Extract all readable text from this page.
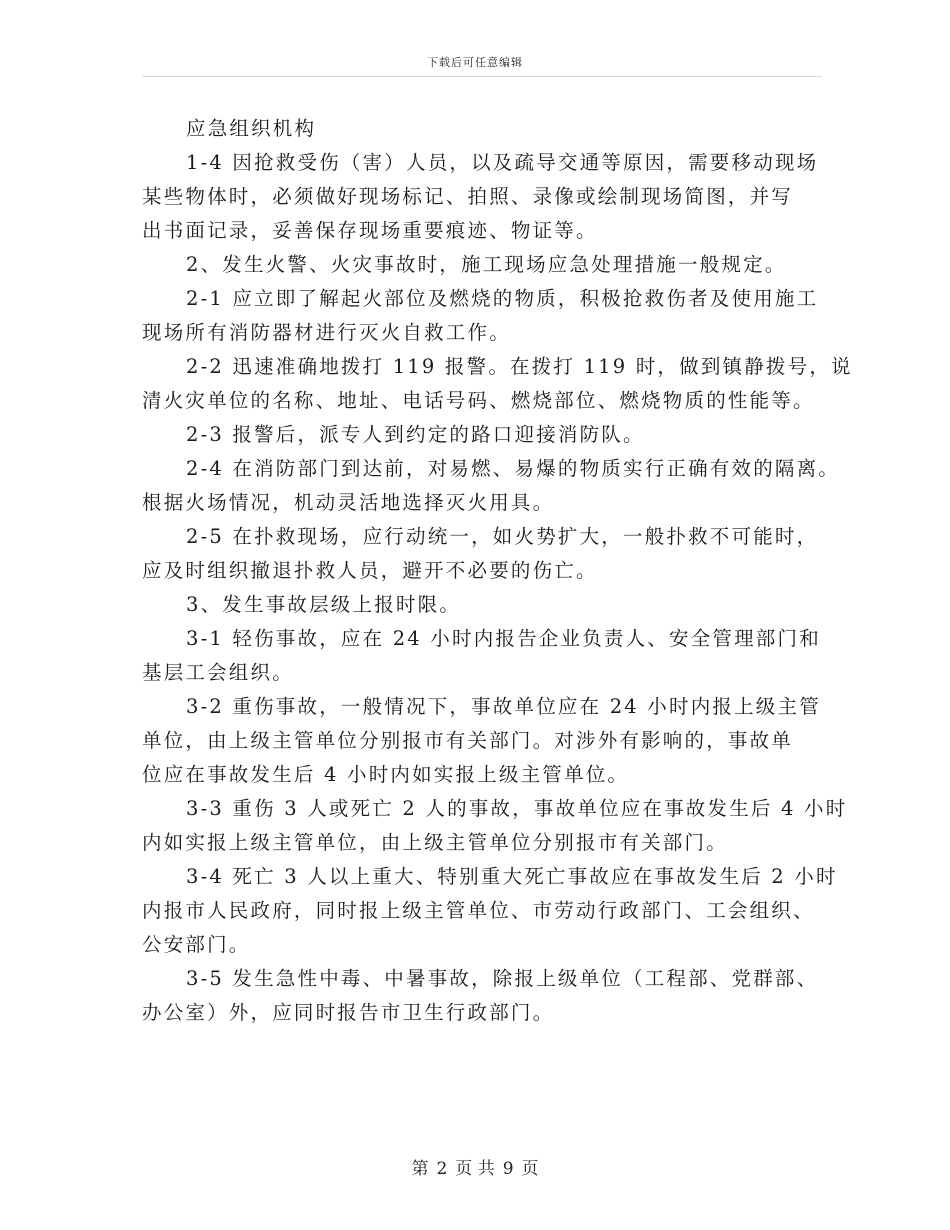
下载后可任意编辑
应急组织机构
1-4 因抢救受伤（害）人员，以及疏导交通等原因，需要移动现场
某些物体时，必须做好现场标记、拍照、录像或绘制现场简图，并写
出书面记录，妥善保存现场重要痕迹、物证等。
2、发生火警、火灾事故时，施工现场应急处理措施一般规定。
2-1 应立即了解起火部位及燃烧的物质，积极抢救伤者及使用施工
现场所有消防器材进行灭火自救工作。
2-2 迅速准确地拨打 119 报警。在拨打 119 时，做到镇静拨号，说
清火灾单位的名称、地址、电话号码、燃烧部位、燃烧物质的性能等。
2-3 报警后，派专人到约定的路口迎接消防队。
2-4 在消防部门到达前，对易燃、易爆的物质实行正确有效的隔离。
根据火场情况，机动灵活地选择灭火用具。
2-5 在扑救现场，应行动统一，如火势扩大，一般扑救不可能时，
应及时组织撤退扑救人员，避开不必要的伤亡。
3、发生事故层级上报时限。
3-1 轻伤事故，应在 24 小时内报告企业负责人、安全管理部门和
基层工会组织。
3-2 重伤事故，一般情况下，事故单位应在 24 小时内报上级主管
单位，由上级主管单位分别报市有关部门。对涉外有影响的，事故单
位应在事故发生后 4 小时内如实报上级主管单位。
3-3 重伤 3 人或死亡 2 人的事故，事故单位应在事故发生后 4 小时
内如实报上级主管单位，由上级主管单位分别报市有关部门。
3-4 死亡 3 人以上重大、特别重大死亡事故应在事故发生后 2 小时
内报市人民政府，同时报上级主管单位、市劳动行政部门、工会组织、
公安部门。
3-5 发生急性中毒、中暑事故，除报上级单位（工程部、党群部、
办公室）外，应同时报告市卫生行政部门。
第 2 页 共 9 页
